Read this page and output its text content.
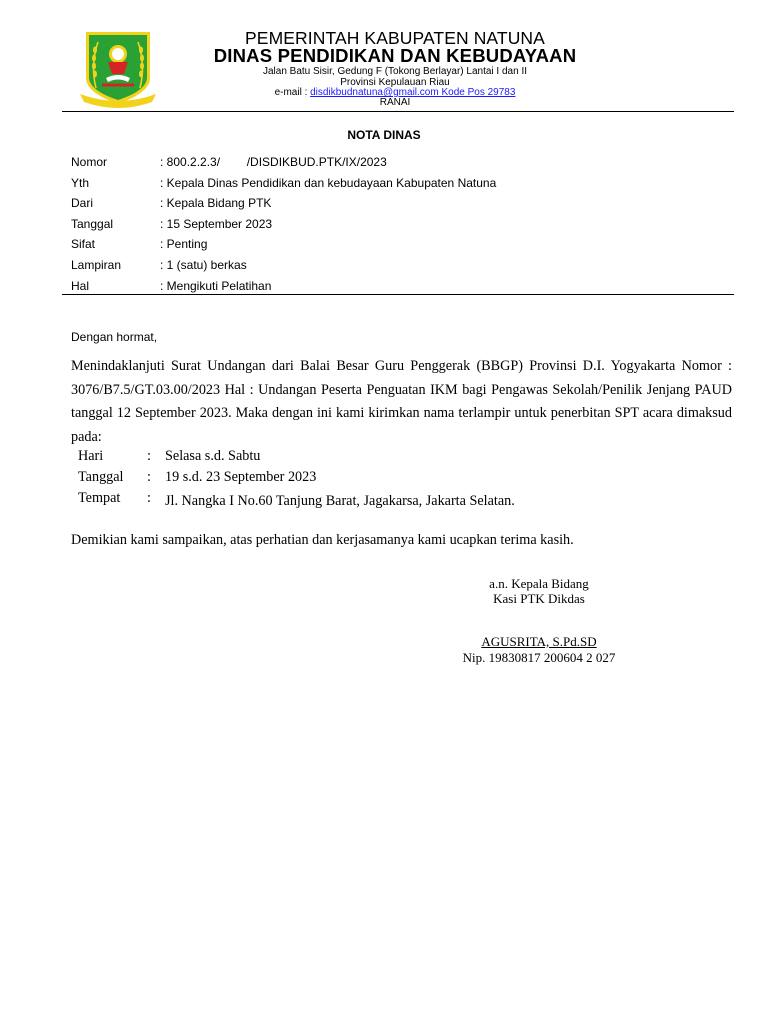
PEMERINTAH KABUPATEN NATUNA
DINAS PENDIDIKAN DAN KEBUDAYAAN
Jalan Batu Sisir, Gedung F (Tokong Berlayar) Lantai I dan II
Provinsi Kepulauan Riau
e-mail : disdikbudnatuna@gmail.com Kode Pos 29783
RANAI
NOTA DINAS
Nomor	: 800.2.2.3/        /DISDIKBUD.PTK/IX/2023
Yth	: Kepala Dinas Pendidikan dan kebudayaan Kabupaten Natuna
Dari	: Kepala Bidang PTK
Tanggal	: 15 September 2023
Sifat	: Penting
Lampiran	: 1 (satu) berkas
Hal	: Mengikuti Pelatihan
Dengan hormat,
Menindaklanjuti Surat Undangan dari Balai Besar Guru Penggerak (BBGP) Provinsi D.I. Yogyakarta Nomor : 3076/B7.5/GT.03.00/2023 Hal : Undangan Peserta Penguatan IKM bagi Pengawas Sekolah/Penilik Jenjang PAUD tanggal 12 September 2023. Maka dengan ini kami kirimkan nama terlampir untuk penerbitan SPT acara dimaksud pada:
Hari	: Selasa s.d. Sabtu
Tanggal : 19 s.d. 23 September 2023
Tempat : Jl. Nangka I No.60 Tanjung Barat, Jagakarsa, Jakarta Selatan.
Demikian kami sampaikan, atas perhatian dan kerjasamanya kami ucapkan terima kasih.
a.n. Kepala Bidang
Kasi PTK Dikdas
AGUSRITA, S.Pd.SD
Nip. 19830817 200604 2 027
